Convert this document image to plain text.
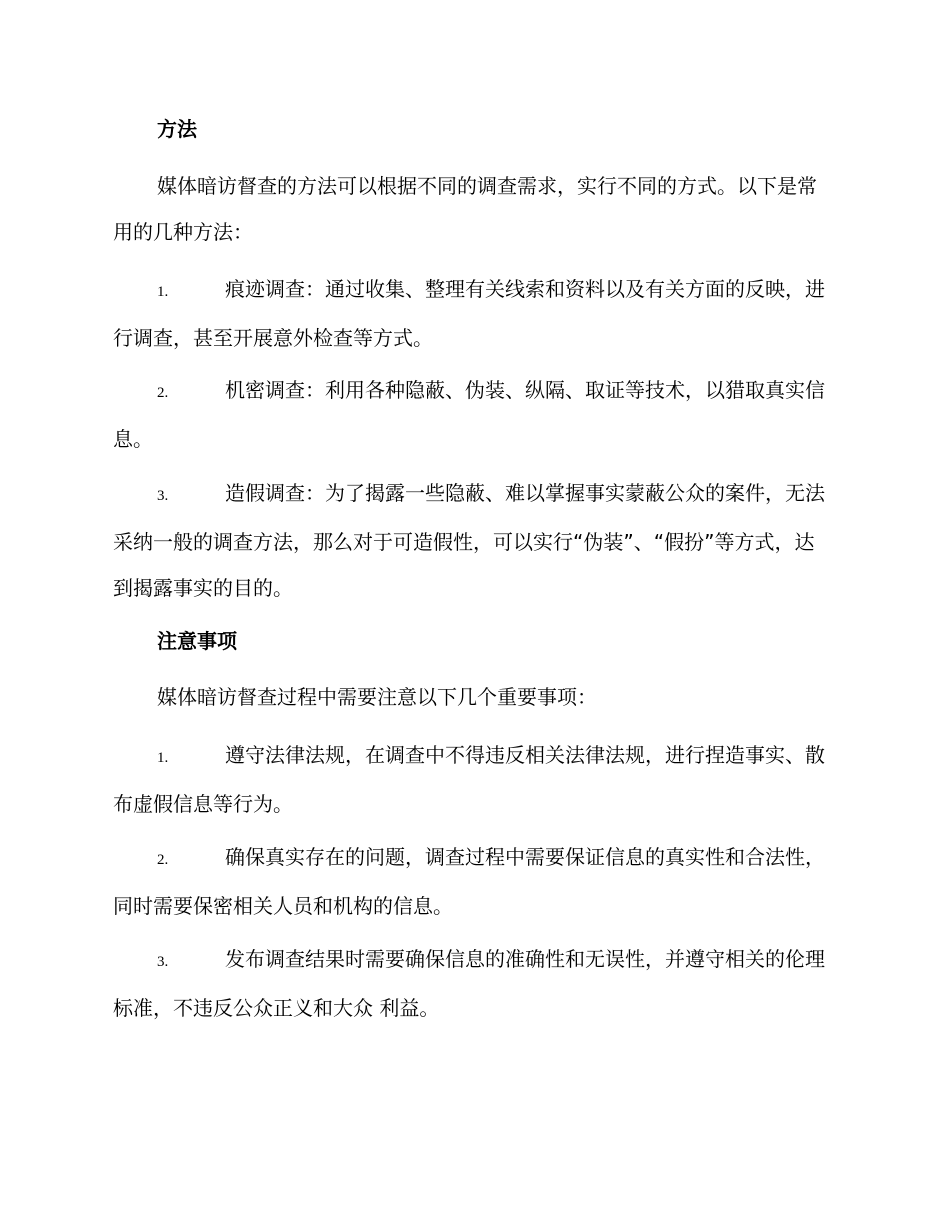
方法

媒体暗访督查的方法可以根据不同的调查需求，实行不同的方式。以下是常用的几种方法：

1.	痕迹调查：通过收集、整理有关线索和资料以及有关方面的反映，进行调查，甚至开展意外检查等方式。

2.	机密调查：利用各种隐蔽、伪装、纵隔、取证等技术，以猎取真实信息。

3.	造假调查：为了揭露一些隐蔽、难以掌握事实蒙蔽公众的案件，无法采纳一般的调查方法，那么对于可造假性，可以实行“伪装”、“假扮”等方式，达到揭露事实的目的。

注意事项

媒体暗访督查过程中需要注意以下几个重要事项：

1.	遵守法律法规，在调查中不得违反相关法律法规，进行捏造事实、散布虚假信息等行为。

2.	确保真实存在的问题，调查过程中需要保证信息的真实性和合法性，同时需要保密相关人员和机构的信息。

3.	发布调查结果时需要确保信息的准确性和无误性，并遵守相关的伦理标准，不违反公众正义和大众 利益。
